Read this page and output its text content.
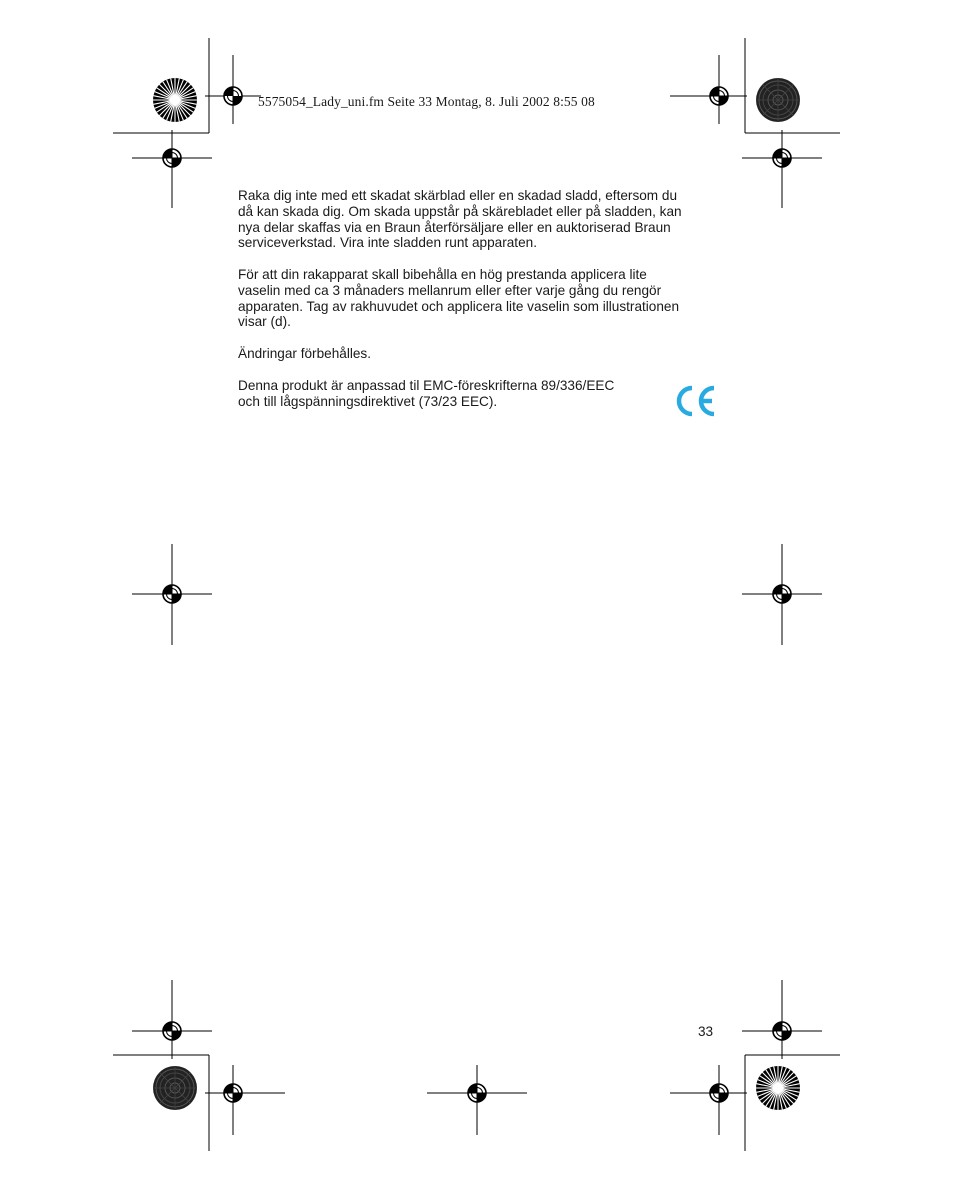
5575054_Lady_uni.fm Seite 33 Montag, 8. Juli 2002 8:55 08
Raka dig inte med ett skadat skärblad eller en skadad sladd, eftersom du
då kan skada dig. Om skada uppstår på skärebladet eller på sladden, kan
nya delar skaffas via en Braun återförsäljare eller en auktoriserad Braun
serviceverkstad. Vira inte sladden runt apparaten.
För att din rakapparat skall bibehålla en hög prestanda applicera lite
vaselin med ca 3 månaders mellanrum eller efter varje gång du rengör
apparaten. Tag av rakhuvudet och applicera lite vaselin som illustrationen
visar (d).
Ändringar förbehålles.
Denna produkt är anpassad til EMC-föreskrifterna 89/336/EEC
och till lågspänningsdirektivet (73/23 EEC).
33
